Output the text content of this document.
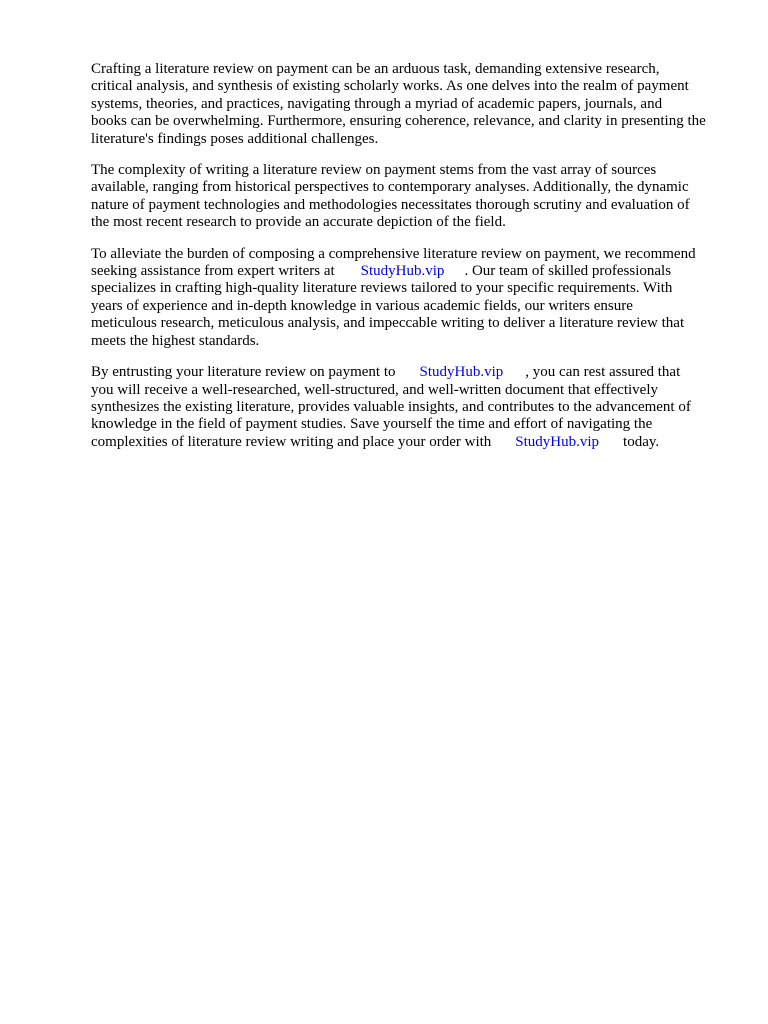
Crafting a literature review on payment can be an arduous task, demanding extensive research,
critical analysis, and synthesis of existing scholarly works. As one delves into the realm of payment
systems, theories, and practices, navigating through a myriad of academic papers, journals, and
books can be overwhelming. Furthermore, ensuring coherence, relevance, and clarity in presenting the
literature's findings poses additional challenges.
The complexity of writing a literature review on payment stems from the vast array of sources
available, ranging from historical perspectives to contemporary analyses. Additionally, the dynamic
nature of payment technologies and methodologies necessitates thorough scrutiny and evaluation of
the most recent research to provide an accurate depiction of the field.
To alleviate the burden of composing a comprehensive literature review on payment, we recommend
seeking assistance from expert writers at StudyHub.vip . Our team of skilled professionals
specializes in crafting high-quality literature reviews tailored to your specific requirements. With
years of experience and in-depth knowledge in various academic fields, our writers ensure
meticulous research, meticulous analysis, and impeccable writing to deliver a literature review that
meets the highest standards.
By entrusting your literature review on payment to StudyHub.vip , you can rest assured that
you will receive a well-researched, well-structured, and well-written document that effectively
synthesizes the existing literature, provides valuable insights, and contributes to the advancement of
knowledge in the field of payment studies. Save yourself the time and effort of navigating the
complexities of literature review writing and place your order with StudyHub.vip today.
